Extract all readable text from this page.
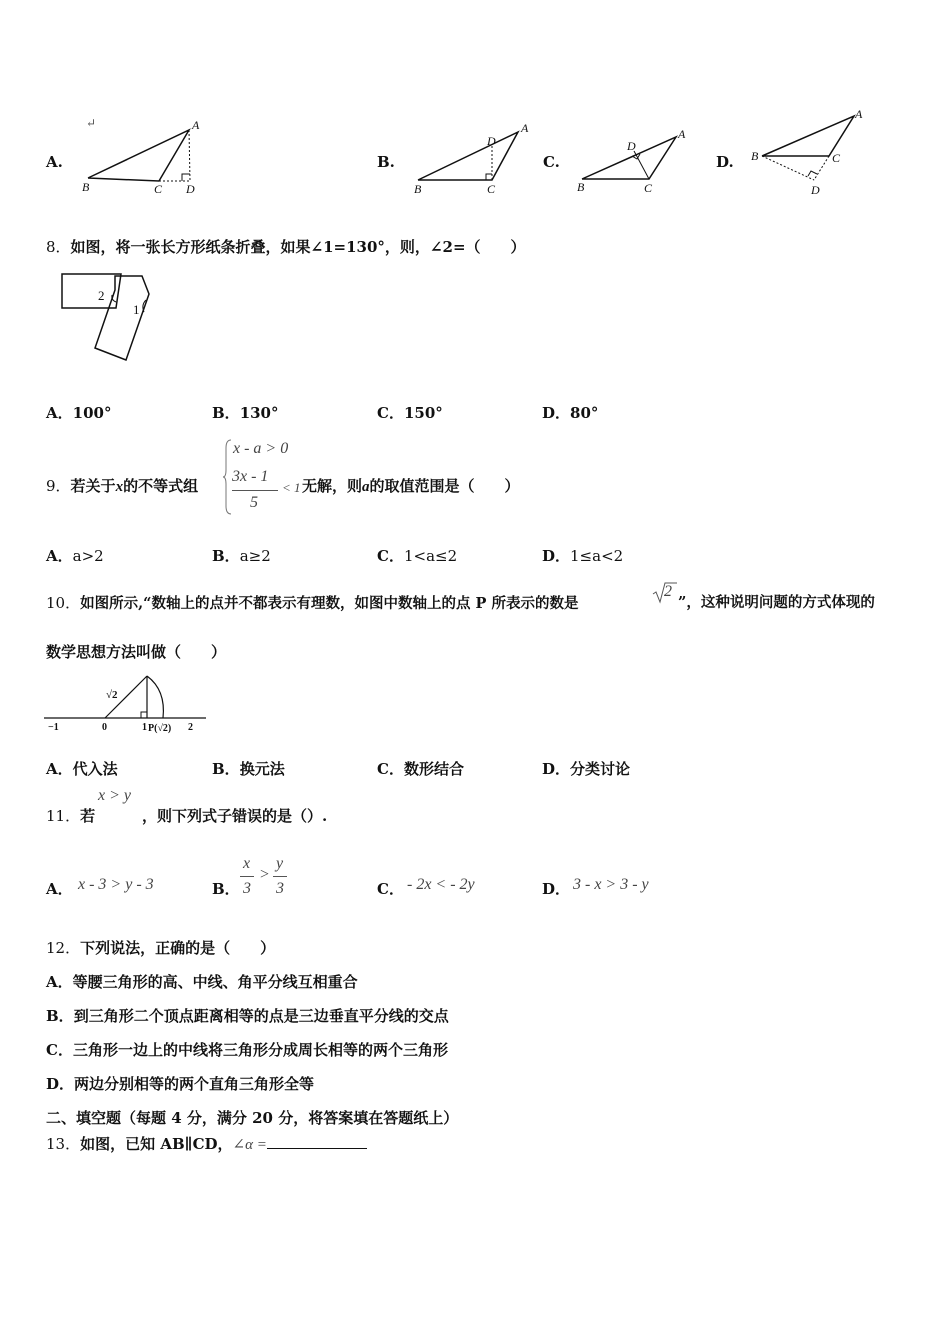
A.
↵	A
B	C D
B.
A
B	C
D
C.
A
B	C
D
D.
A
B	C
D
8．如图，将一张长方形纸条折叠，如果∠1=130°，则，∠2=（　　）
2
1
A．100°	B．130°	C．150°	D．80°
9．若关于x的不等式组
x - a > 0
3x - 1
5
< 1 无解，则a的取值范围是（　　）
A．a>2	B．a≥2	C．1<a≤2	D．1≤a<2
10．如图所示,“数轴上的点并不都表示有理数，如图中数轴上的点 P 所表示的数是
2
”，这种说明问题的方式体现的
数学思想方法叫做（　　）
√2
−1	0	1 P(√2) 2
A．代入法	B．换元法	C．数形结合	D．分类讨论
11．若
x > y
，则下列式子错误的是（）.
A． x - 3 > y - 3	B．
x
3
>
y
3	C． - 2x < - 2y	D． 3 - x > 3 - y
12．下列说法，正确的是（　　）
A．等腰三角形的高、中线、角平分线互相重合
B．到三角形二个顶点距离相等的点是三边垂直平分线的交点
C．三角形一边上的中线将三角形分成周长相等的两个三角形
D．两边分别相等的两个直角三角形全等
二、填空题（每题 4 分，满分 20 分，将答案填在答题纸上）
13．如图，已知 AB∥CD，∠α =
